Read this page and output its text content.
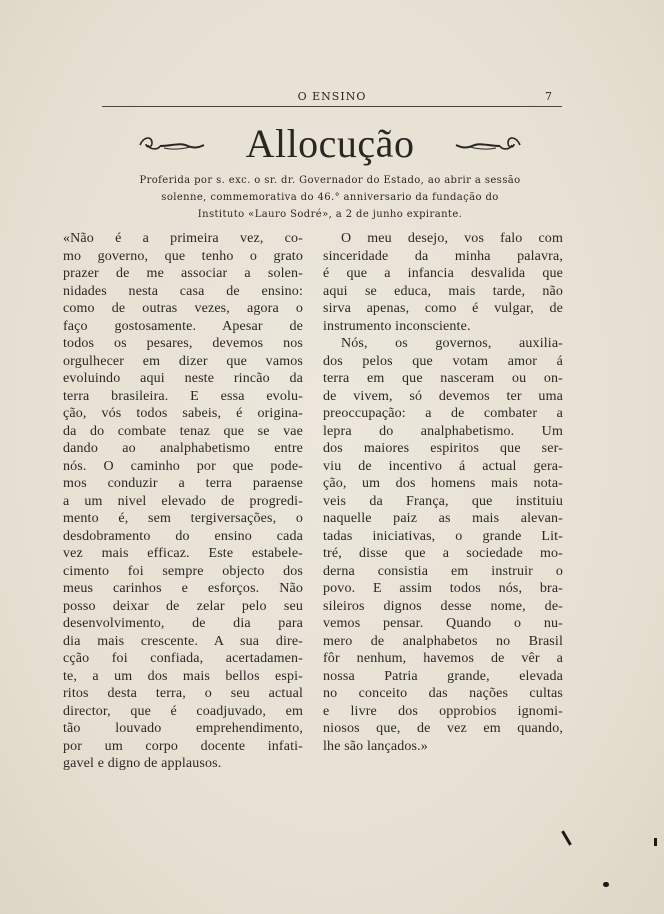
O ENSINO	7
Allocução
Proferida por s. exc. o sr. dr. Governador do Estado, ao abrir a sessão
solenne, commemorativa do 46.° anniversario da fundação do
Instituto «Lauro Sodré», a 2 de junho expirante.
«Não é a primeira vez, co-
mo governo, que tenho o grato
prazer de me associar a solen-
nidades nesta casa de ensino:
como de outras vezes, agora o
faço gostosamente. Apesar de
todos os pesares, devemos nos
orgulhecer em dizer que vamos
evoluindo aqui neste rincão da
terra brasileira. E essa evolu-
ção, vós todos sabeis, é origina-
da do combate tenaz que se vae
dando ao analphabetismo entre
nós. O caminho por que pode-
mos conduzir a terra paraense
a um nivel elevado de progredi-
mento é, sem tergiversações, o
desdobramento do ensino cada
vez mais efficaz. Este estabele-
cimento foi sempre objecto dos
meus carinhos e esforços. Não
posso deixar de zelar pelo seu
desenvolvimento, de dia para
dia mais crescente. A sua dire-
cção foi confiada, acertadamen-
te, a um dos mais bellos espi-
ritos desta terra, o seu actual
director, que é coadjuvado, em
tão louvado emprehendimento,
por um corpo docente infati-
gavel e digno de applausos.
O meu desejo, vos falo com
sinceridade da minha palavra,
é que a infancia desvalida que
aqui se educa, mais tarde, não
sirva apenas, como é vulgar, de
instrumento inconsciente.
Nós, os governos, auxilia-
dos pelos que votam amor á
terra em que nasceram ou on-
de vivem, só devemos ter uma
preoccupação: a de combater a
lepra do analphabetismo. Um
dos maiores espiritos que ser-
viu de incentivo á actual gera-
ção, um dos homens mais nota-
veis da França, que instituiu
naquelle paiz as mais alevan-
tadas iniciativas, o grande Lit-
tré, disse que a sociedade mo-
derna consistia em instruir o
povo. E assim todos nós, bra-
sileiros dignos desse nome, de-
vemos pensar. Quando o nu-
mero de analphabetos no Brasil
fôr nenhum, havemos de vêr a
nossa Patria grande, elevada
no conceito das nações cultas
e livre dos opprobios ignomi-
niosos que, de vez em quando,
lhe são lançados.»
